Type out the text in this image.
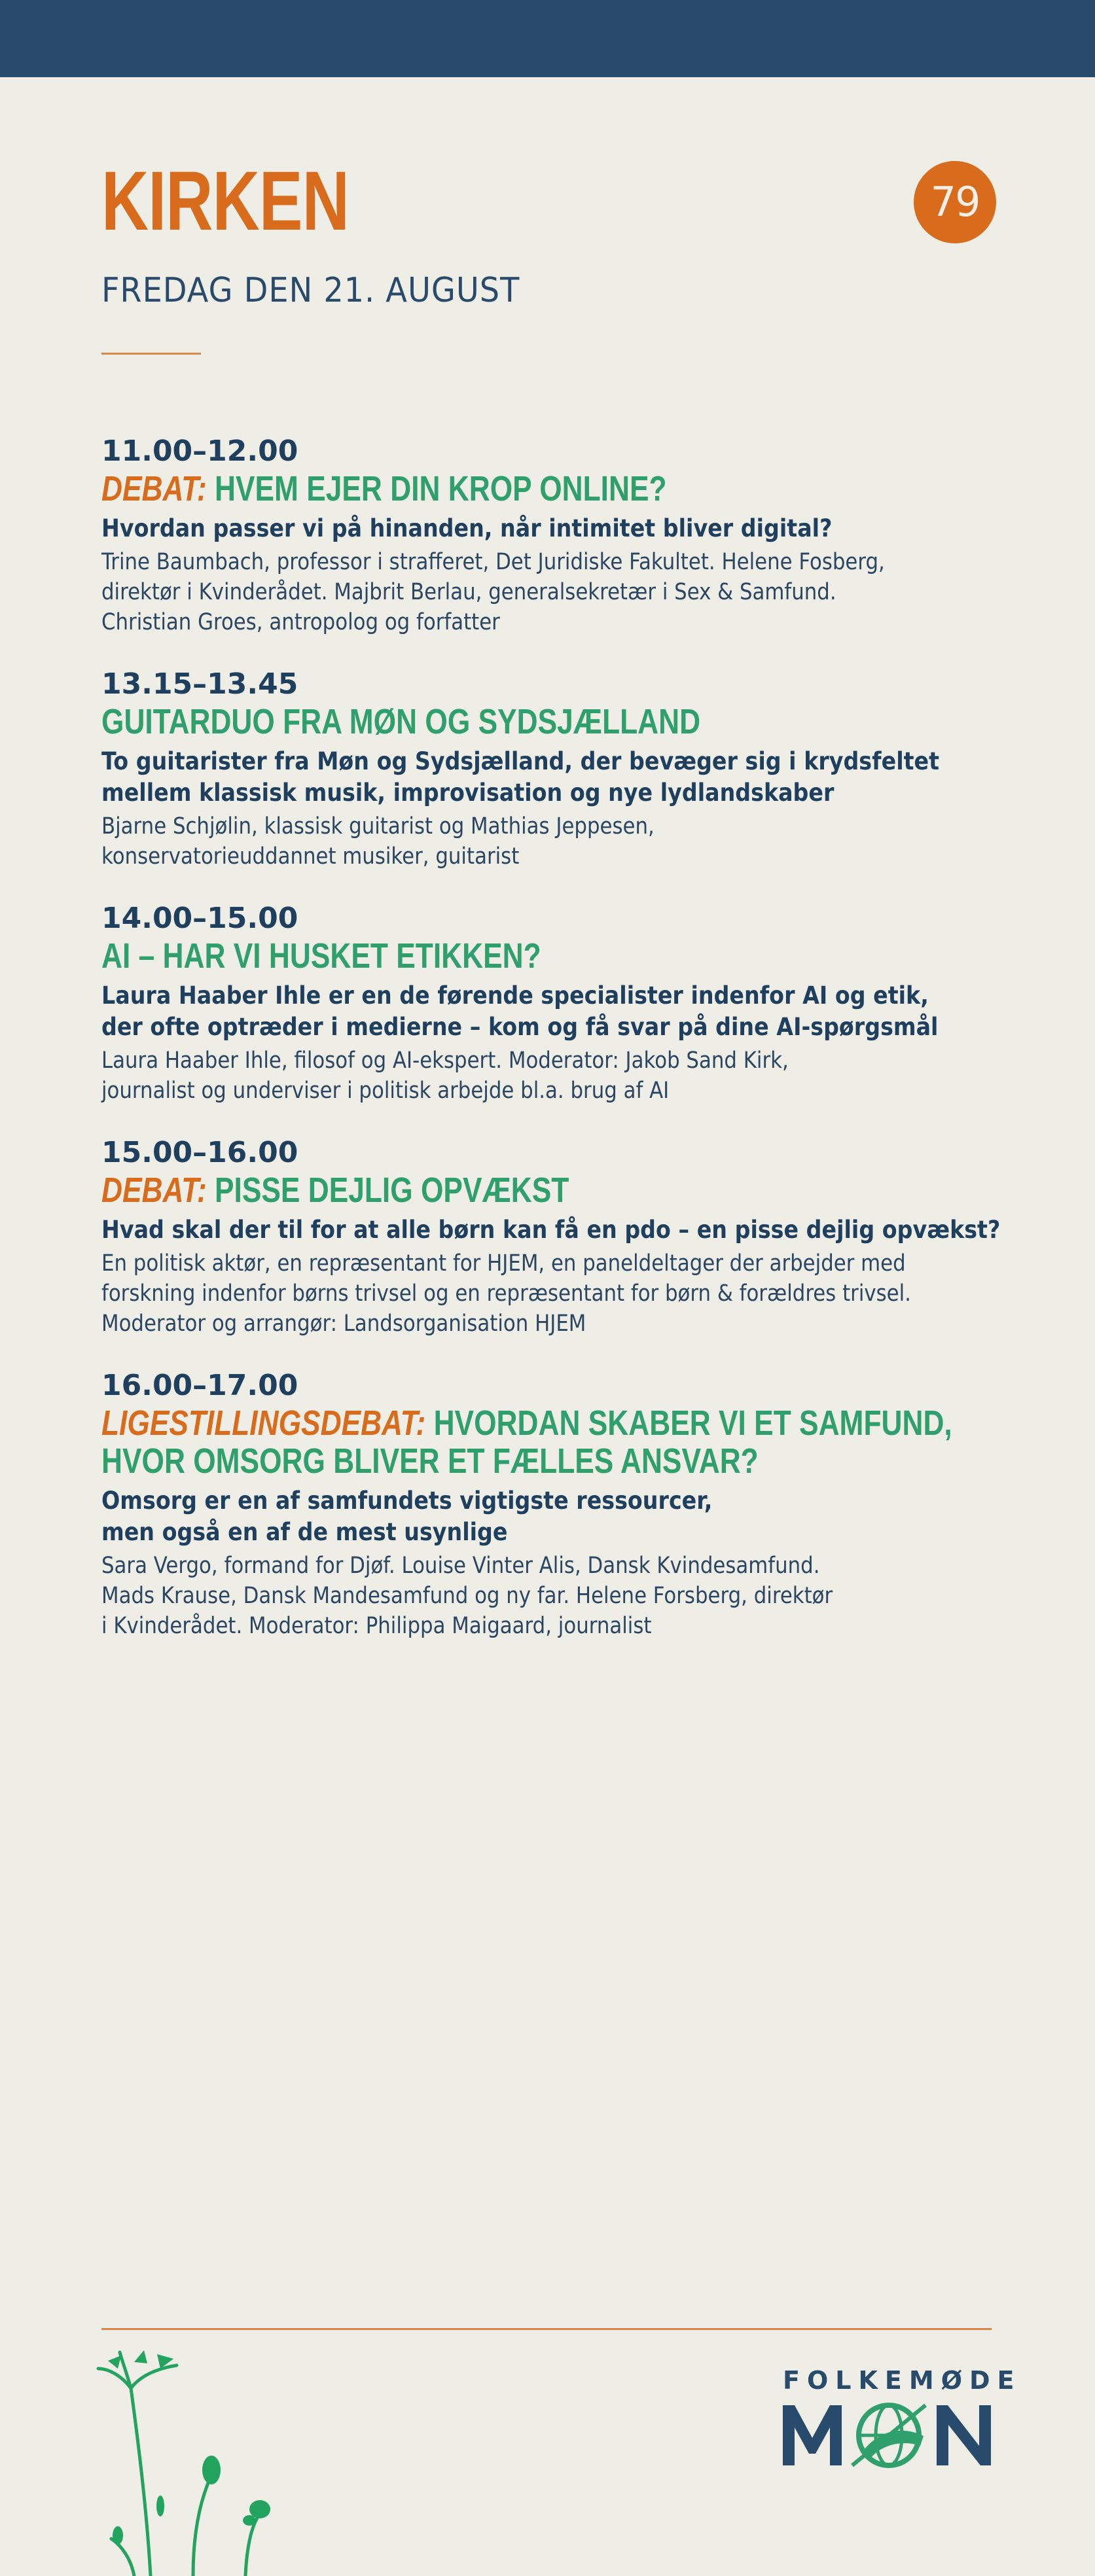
KIRKEN	79
FREDAG DEN 21. AUGUST
11.00–12.00
DEBAT: HVEM EJER DIN KROP ONLINE?
Hvordan passer vi på hinanden, når intimitet bliver digital?
Trine Baumbach, professor i strafferet, Det Juridiske Fakultet. Helene Fosberg,
direktør i Kvinderådet. Majbrit Berlau, generalsekretær i Sex & Samfund.
Christian Groes, antropolog og forfatter
13.15–13.45
GUITARDUO FRA MØN OG SYDSJÆLLAND
To guitarister fra Møn og Sydsjælland, der bevæger sig i krydsfeltet
mellem klassisk musik, improvisation og nye lydlandskaber
Bjarne Schjølin, klassisk guitarist og Mathias Jeppesen,
konservatorieuddannet musiker, guitarist
14.00–15.00
AI – HAR VI HUSKET ETIKKEN?
Laura Haaber Ihle er en de førende specialister indenfor AI og etik,
der ofte optræder i medierne – kom og få svar på dine AI-spørgsmål
Laura Haaber Ihle, filosof og AI-ekspert. Moderator: Jakob Sand Kirk,
journalist og underviser i politisk arbejde bl.a. brug af AI
15.00–16.00
DEBAT: PISSE DEJLIG OPVÆKST
Hvad skal der til for at alle børn kan få en pdo – en pisse dejlig opvækst?
En politisk aktør, en repræsentant for HJEM, en paneldeltager der arbejder med
forskning indenfor børns trivsel og en repræsentant for børn & forældres trivsel.
Moderator og arrangør: Landsorganisation HJEM
16.00–17.00
LIGESTILLINGSDEBAT: HVORDAN SKABER VI ET SAMFUND,
HVOR OMSORG BLIVER ET FÆLLES ANSVAR?
Omsorg er en af samfundets vigtigste ressourcer,
men også en af de mest usynlige
Sara Vergo, formand for Djøf. Louise Vinter Alis, Dansk Kvindesamfund.
Mads Krause, Dansk Mandesamfund og ny far. Helene Forsberg, direktør
i Kvinderådet. Moderator: Philippa Maigaard, journalist
FOLKEMØDE
